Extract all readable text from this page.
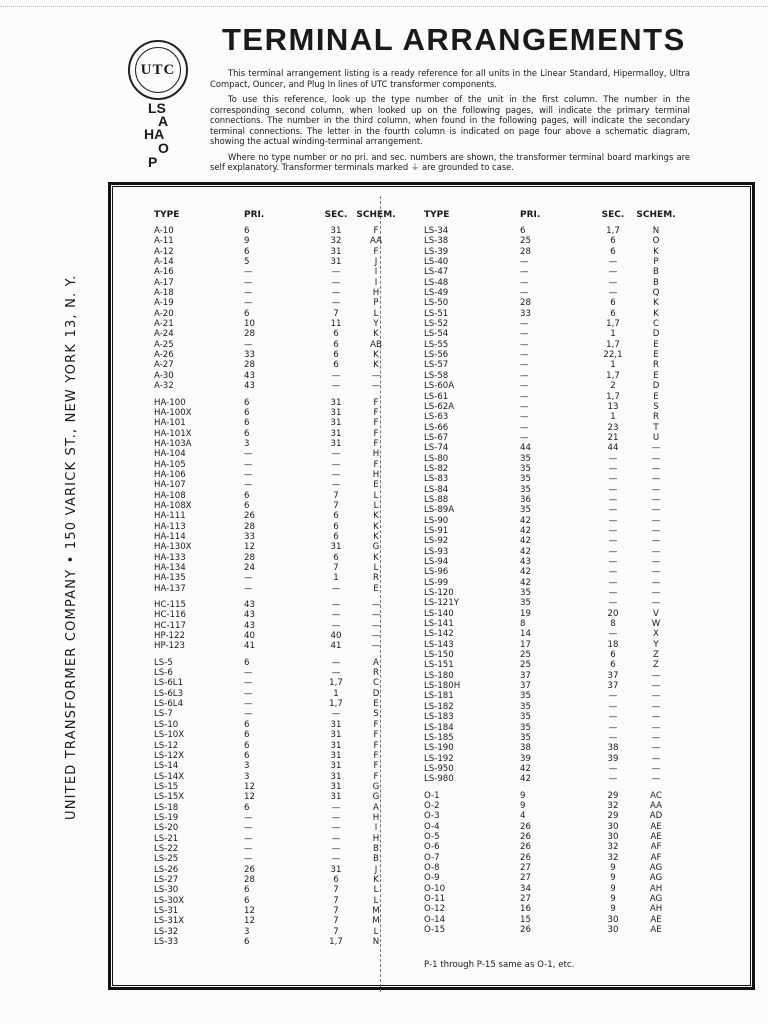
UTC
LS
A
HA
O
P
TERMINAL ARRANGEMENTS

This terminal arrangement listing is a ready reference for all units in the Linear Standard, Hipermalloy, Ultra Compact, Ouncer, and Plug In lines of UTC transformer components.

To use this reference, look up the type number of the unit in the first column. The number in the corresponding second column, when looked up on the following pages, will indicate the primary terminal connections. The number in the third column, when found in the following pages, will indicate the secondary terminal connections. The letter in the fourth column is indicated on page four above a schematic diagram, showing the actual winding-terminal arrangement.

Where no type number or no pri. and sec. numbers are shown, the transformer terminal board markings are self explanatory. Transformer terminals marked ⏚ are grounded to case.

UNITED TRANSFORMER COMPANY • 150 VARICK ST., NEW YORK 13, N. Y.
TYPE	PRI.	SEC.	SCHEM.
A-10	6	31	F
A-11	9	32	AA
A-12	6	31	F
A-14	5	31	J
A-16	—	—	I
A-17	—	—	I
A-18	—	—	H
A-19	—	—	P
A-20	6	7	L
A-21	10	11	Y
A-24	28	6	K
A-25	—	6	AB
A-26	33	6	K
A-27	28	6	K
A-30	43	—	—
A-32	43	—	—
HA-100	6	31	F
HA-100X	6	31	F
HA-101	6	31	F
HA-101X	6	31	F
HA-103A	3	31	F
HA-104	—	—	H
HA-105	—	—	F
HA-106	—	—	H
HA-107	—	—	E
HA-108	6	7	L
HA-108X	6	7	L
HA-111	26	6	K
HA-113	28	6	K
HA-114	33	6	K
HA-130X	12	31	G
HA-133	28	6	K
HA-134	24	7	L
HA-135	—	1	R
HA-137	—	—	E
HC-115	43	—	—
HC-116	43	—	—
HC-117	43	—	—
HP-122	40	40	—
HP-123	41	41	—
LS-5	6	—	A
LS-6	—	—	R
LS-6L1	—	1,7	C
LS-6L3	—	1	D
LS-6L4	—	1,7	E
LS-7	—	—	S
LS-10	6	31	F
LS-10X	6	31	F
LS-12	6	31	F
LS-12X	6	31	F
LS-14	3	31	F
LS-14X	3	31	F
LS-15	12	31	G
LS-15X	12	31	G
LS-18	6	—	A
LS-19	—	—	H
LS-20	—	—	I
LS-21	—	—	H
LS-22	—	—	B
LS-25	—	—	B
LS-26	26	31	J
LS-27	28	6	K
LS-30	6	7	L
LS-30X	6	7	L
LS-31	12	7	M
LS-31X	12	7	M
LS-32	3	7	L
LS-33	6	1,7	N
TYPE	PRI.	SEC.	SCHEM.
LS-34	6	1,7	N
LS-38	25	6	O
LS-39	28	6	K
LS-40	—	—	P
LS-47	—	—	B
LS-48	—	—	B
LS-49	—	—	Q
LS-50	28	6	K
LS-51	33	6	K
LS-52	—	1,7	C
LS-54	—	1	D
LS-55	—	1,7	E
LS-56	—	22,1	E
LS-57	—	1	R
LS-58	—	1,7	E
LS-60A	—	2	D
LS-61	—	1,7	E
LS-62A	—	13	S
LS-63	—	1	R
LS-66	—	23	T
LS-67	—	21	U
LS-74	44	44	—
LS-80	35	—	—
LS-82	35	—	—
LS-83	35	—	—
LS-84	35	—	—
LS-88	36	—	—
LS-89A	35	—	—
LS-90	42	—	—
LS-91	42	—	—
LS-92	42	—	—
LS-93	42	—	—
LS-94	43	—	—
LS-96	42	—	—
LS-99	42	—	—
LS-120	35	—	—
LS-121Y	35	—	—
LS-140	19	20	V
LS-141	8	8	W
LS-142	14	—	X
LS-143	17	18	Y
LS-150	25	6	Z
LS-151	25	6	Z
LS-180	37	37	—
LS-180H	37	37	—
LS-181	35	—	—
LS-182	35	—	—
LS-183	35	—	—
LS-184	35	—	—
LS-185	35	—	—
LS-190	38	38	—
LS-192	39	39	—
LS-950	42	—	—
LS-980	42	—	—
O-1	9	29	AC
O-2	9	32	AA
O-3	4	29	AD
O-4	26	30	AE
O-5	26	30	AE
O-6	26	32	AF
O-7	26	32	AF
O-8	27	9	AG
O-9	27	9	AG
O-10	34	9	AH
O-11	27	9	AG
O-12	16	9	AH
O-14	15	30	AE
O-15	26	30	AE
P-1 through P-15 same as O-1, etc.
